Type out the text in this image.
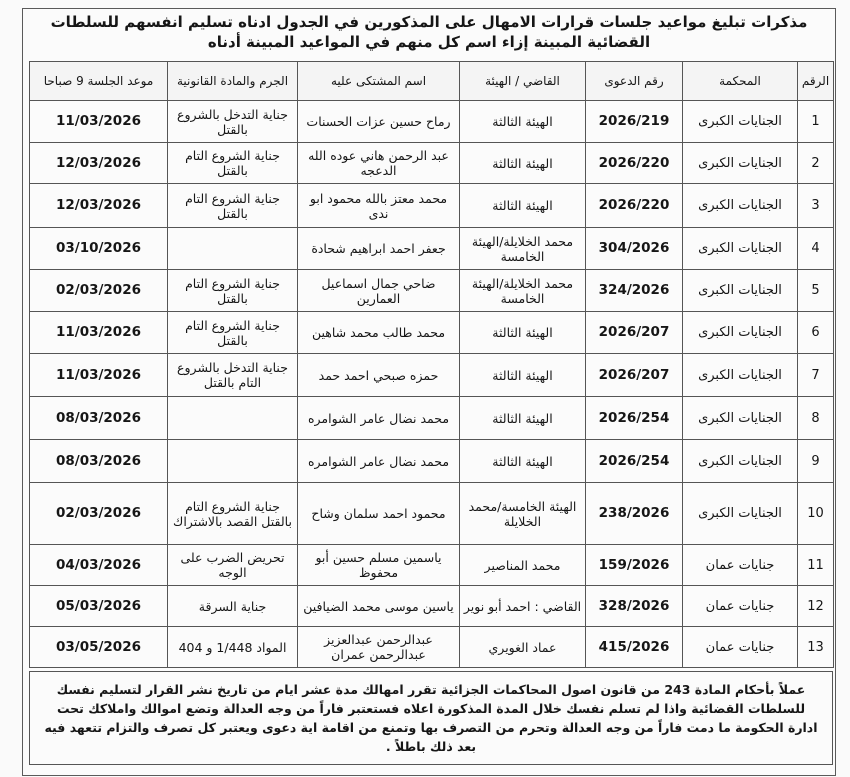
مذكرات تبليغ مواعيد جلسات قرارات الامهال على المذكورين في الجدول ادناه تسليم انفسهم للسلطات القضائية المبينة إزاء اسم كل منهم في المواعيد المبينة أدناه
الرقم	المحكمة	رقم الدعوى	القاضي / الهيئة	اسم المشتكى عليه	الجرم والمادة القانونية	موعد الجلسة 9 صباحا
1	الجنايات الكبرى	2026/219	الهيئة الثالثة	رماح حسين عزات الحسنات	جناية التدخل بالشروع بالقتل	11/03/2026
2	الجنايات الكبرى	2026/220	الهيئة الثالثة	عبد الرحمن هاني عوده الله الدعجه	جناية الشروع التام بالقتل	12/03/2026
3	الجنايات الكبرى	2026/220	الهيئة الثالثة	محمد معتز بالله محمود ابو ندى	جناية الشروع التام بالقتل	12/03/2026
4	الجنايات الكبرى	304/2026	محمد الخلايلة/الهيئة الخامسة	جعفر احمد ابراهيم شحادة		03/10/2026
5	الجنايات الكبرى	324/2026	محمد الخلايلة/الهيئة الخامسة	ضاحي جمال اسماعيل العمارين	جناية الشروع التام بالقتل	02/03/2026
6	الجنايات الكبرى	2026/207	الهيئة الثالثة	محمد طالب محمد شاهين	جناية الشروع التام بالقتل	11/03/2026
7	الجنايات الكبرى	2026/207	الهيئة الثالثة	حمزه صبحي احمد حمد	جناية التدخل بالشروع التام بالقتل	11/03/2026
8	الجنايات الكبرى	2026/254	الهيئة الثالثة	محمد نضال عامر الشوامره		08/03/2026
9	الجنايات الكبرى	2026/254	الهيئة الثالثة	محمد نضال عامر الشوامره		08/03/2026
10	الجنايات الكبرى	238/2026	الهيئة الخامسة/محمد الخلايلة	محمود احمد سلمان وشاح	جناية الشروع التام بالقتل القصد بالاشتراك	02/03/2026
11	جنايات عمان	159/2026	محمد المناصير	ياسمين مسلم حسين أبو محفوظ	تحريض الضرب على الوجه	04/03/2026
12	جنايات عمان	328/2026	القاضي : احمد أبو نوير	ياسين موسى محمد الضيافين	جناية السرقة	05/03/2026
13	جنايات عمان	415/2026	عماد الغويري	عبدالرحمن عبدالعزيز عبدالرحمن عمران	المواد 1/448 و 404	03/05/2026
عملاً بأحكام المادة 243 من قانون اصول المحاكمات الجزائية تقرر امهالك مدة عشر ايام من تاريخ نشر القرار لتسليم نفسك للسلطات القضائية واذا لم تسلم نفسك خلال المدة المذكورة اعلاه فستعتبر فاراً من وجه العدالة وتضع اموالك واملاكك تحت ادارة الحكومة ما دمت فاراً من وجه العدالة وتحرم من التصرف بها وتمنع من اقامة اية دعوى ويعتبر كل تصرف والتزام تتعهد فيه بعد ذلك باطلاً .
